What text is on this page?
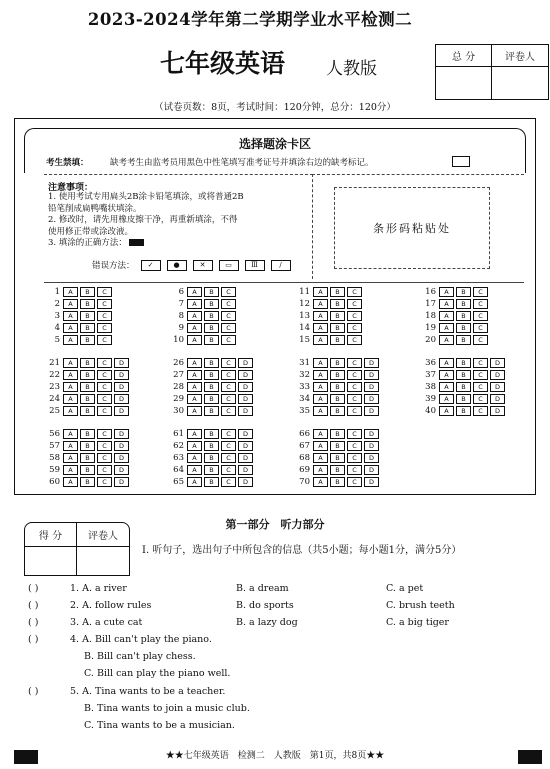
2023-2024学年第二学期学业水平检测二
七年级英语 人教版
总 分	评卷人
（试卷页数：8页，考试时间：120分钟，总分：120分）
选择题涂卡区
考生禁填：	缺考考生由监考员用黑色中性笔填写准考证号并填涂右边的缺考标记。
条形码粘贴处
注意事项：
1. 使用考试专用扁头2B涂卡铅笔填涂，或将普通2B
铅笔削成扁鸭嘴状填涂。
2. 修改时，请先用橡皮擦干净，再重新填涂，不得
使用修正带或涂改液。
3. 填涂的正确方法：
错误方法：	✓	●	✕	▭	Ⅲ	∕
1	A	B	C
2	A	B	C
3	A	B	C
4	A	B	C
5	A	B	C
6	A	B	C
7	A	B	C
8	A	B	C
9	A	B	C
10	A	B	C
11	A	B	C
12	A	B	C
13	A	B	C
14	A	B	C
15	A	B	C
16	A	B	C
17	A	B	C
18	A	B	C
19	A	B	C
20	A	B	C
21	A	B	C	D
22	A	B	C	D
23	A	B	C	D
24	A	B	C	D
25	A	B	C	D
26	A	B	C	D
27	A	B	C	D
28	A	B	C	D
29	A	B	C	D
30	A	B	C	D
31	A	B	C	D
32	A	B	C	D
33	A	B	C	D
34	A	B	C	D
35	A	B	C	D
36	A	B	C	D
37	A	B	C	D
38	A	B	C	D
39	A	B	C	D
40	A	B	C	D
56	A	B	C	D
57	A	B	C	D
58	A	B	C	D
59	A	B	C	D
60	A	B	C	D
61	A	B	C	D
62	A	B	C	D
63	A	B	C	D
64	A	B	C	D
65	A	B	C	D
66	A	B	C	D
67	A	B	C	D
68	A	B	C	D
69	A	B	C	D
70	A	B	C	D
得 分	评卷人
第一部分　听力部分
Ⅰ. 听句子，选出句子中所包含的信息（共5小题；每小题1分，满分5分）
( )	1. A. a river	B. a dream	C. a pet
( )	2. A. follow rules	B. do sports	C. brush teeth
( )	3. A. a cute cat	B. a lazy dog	C. a big tiger
( )	4. A. Bill can't play the piano.
B. Bill can't play chess.
C. Bill can play the piano well.
( )	5. A. Tina wants to be a teacher.
B. Tina wants to join a music club.
C. Tina wants to be a musician.
★★七年级英语　检测二　人教版　第1页，共8页★★
